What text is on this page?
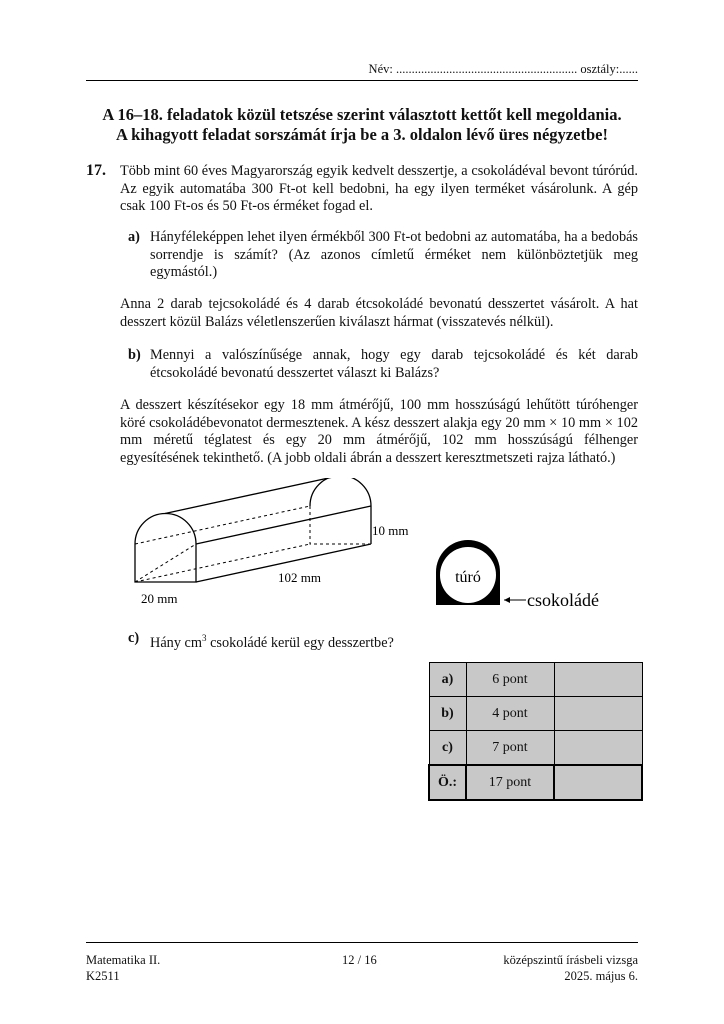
Név: .......................................................... osztály:......
A 16–18. feladatok közül tetszése szerint választott kettőt kell megoldania.
A kihagyott feladat sorszámát írja be a 3. oldalon lévő üres négyzetbe!
17. Több mint 60 éves Magyarország egyik kedvelt desszertje, a csokoládéval bevont túrórúd. Az egyik automatába 300 Ft-ot kell bedobni, ha egy ilyen terméket vásárolunk. A gép csak 100 Ft-os és 50 Ft-os érméket fogad el.

a) Hányféleképpen lehet ilyen érmékből 300 Ft-ot bedobni az automatába, ha a bedobás sorrendje is számít? (Az azonos címletű érméket nem különböztetjük meg egymástól.)

Anna 2 darab tejcsokoládé és 4 darab étcsokoládé bevonatú desszertet vásárolt. A hat desszert közül Balázs véletlenszerűen kiválaszt hármat (visszatevés nélkül).

b) Mennyi a valószínűsége annak, hogy egy darab tejcsokoládé és két darab étcsokoládé bevonatú desszertet választ ki Balázs?

A desszert készítésekor egy 18 mm átmérőjű, 100 mm hosszúságú lehűtött túróhenger köré csokoládébevonatot dermesztenek. A kész desszert alakja egy 20 mm × 10 mm × 102 mm méretű téglatest és egy 20 mm átmérőjű, 102 mm hosszúságú félhenger egyesítésének tekinthető. (A jobb oldali ábrán a desszert keresztmetszeti rajza látható.)

10 mm
102 mm
20 mm
túró
csokoládé
c) Hány $cm^3$ csokoládé kerül egy desszertbe?
a)	6 pont	
b)	4 pont	
c)	7 pont	
Ö.:	17 pont	
Matematika II.
K2511
12 / 16	középszintű írásbeli vizsga
2025. május 6.
